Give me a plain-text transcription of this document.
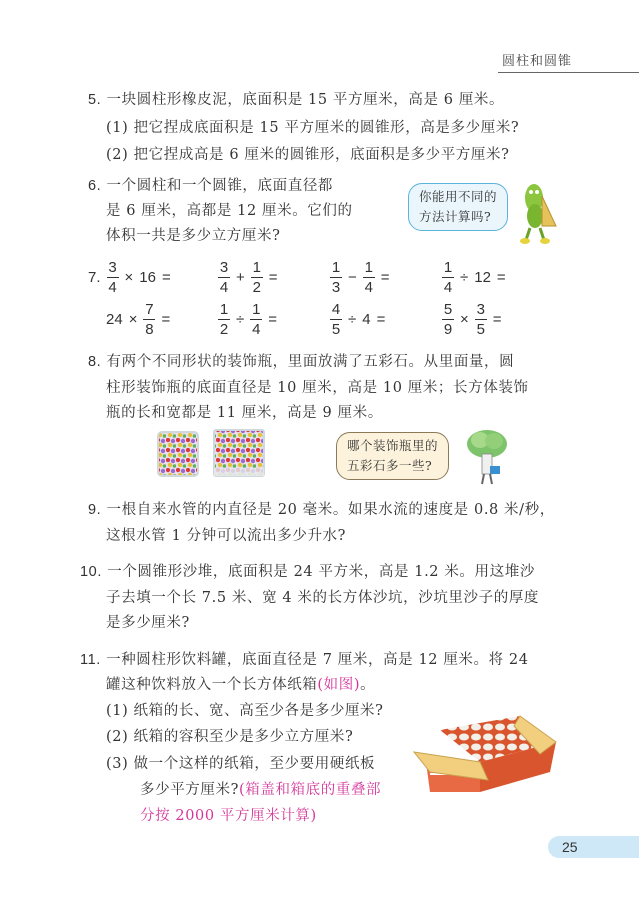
圆柱和圆锥
5. 一块圆柱形橡皮泥，底面积是 15 平方厘米，高是 6 厘米。
(1) 把它捏成底面积是 15 平方厘米的圆锥形，高是多少厘米?
(2) 把它捏成高是 6 厘米的圆锥形，底面积是多少平方厘米?
6. 一个圆柱和一个圆锥，底面直径都
是 6 厘米，高都是 12 厘米。它们的
体积一共是多少立方厘米?
你能用不同的
方法计算吗?
7. $\frac{3}{4} \times 16$ =	$\frac{3}{4} + \frac{1}{2}$ =	$\frac{1}{3} - \frac{1}{4}$ =	$\frac{1}{4} \div 12$ =
$24 \times \frac{7}{8}$ =	$\frac{1}{2} \div \frac{1}{4}$ =	$\frac{4}{5} \div 4$ =	$\frac{5}{9} \times \frac{3}{5}$ =
8. 有两个不同形状的装饰瓶，里面放满了五彩石。从里面量，圆
柱形装饰瓶的底面直径是 10 厘米，高是 10 厘米；长方体装饰
瓶的长和宽都是 11 厘米，高是 9 厘米。
哪个装饰瓶里的
五彩石多一些?
9. 一根自来水管的内直径是 20 毫米。如果水流的速度是 0.8 米/秒，
这根水管 1 分钟可以流出多少升水?
10. 一个圆锥形沙堆，底面积是 24 平方米，高是 1.2 米。用这堆沙
子去填一个长 7.5 米、宽 4 米的长方体沙坑，沙坑里沙子的厚度
是多少厘米?
11. 一种圆柱形饮料罐，底面直径是 7 厘米，高是 12 厘米。将 24
罐这种饮料放入一个长方体纸箱(如图)。
(1) 纸箱的长、宽、高至少各是多少厘米?
(2) 纸箱的容积至少是多少立方厘米?
(3) 做一个这样的纸箱，至少要用硬纸板
多少平方厘米?(箱盖和箱底的重叠部
分按 2000 平方厘米计算)
25
